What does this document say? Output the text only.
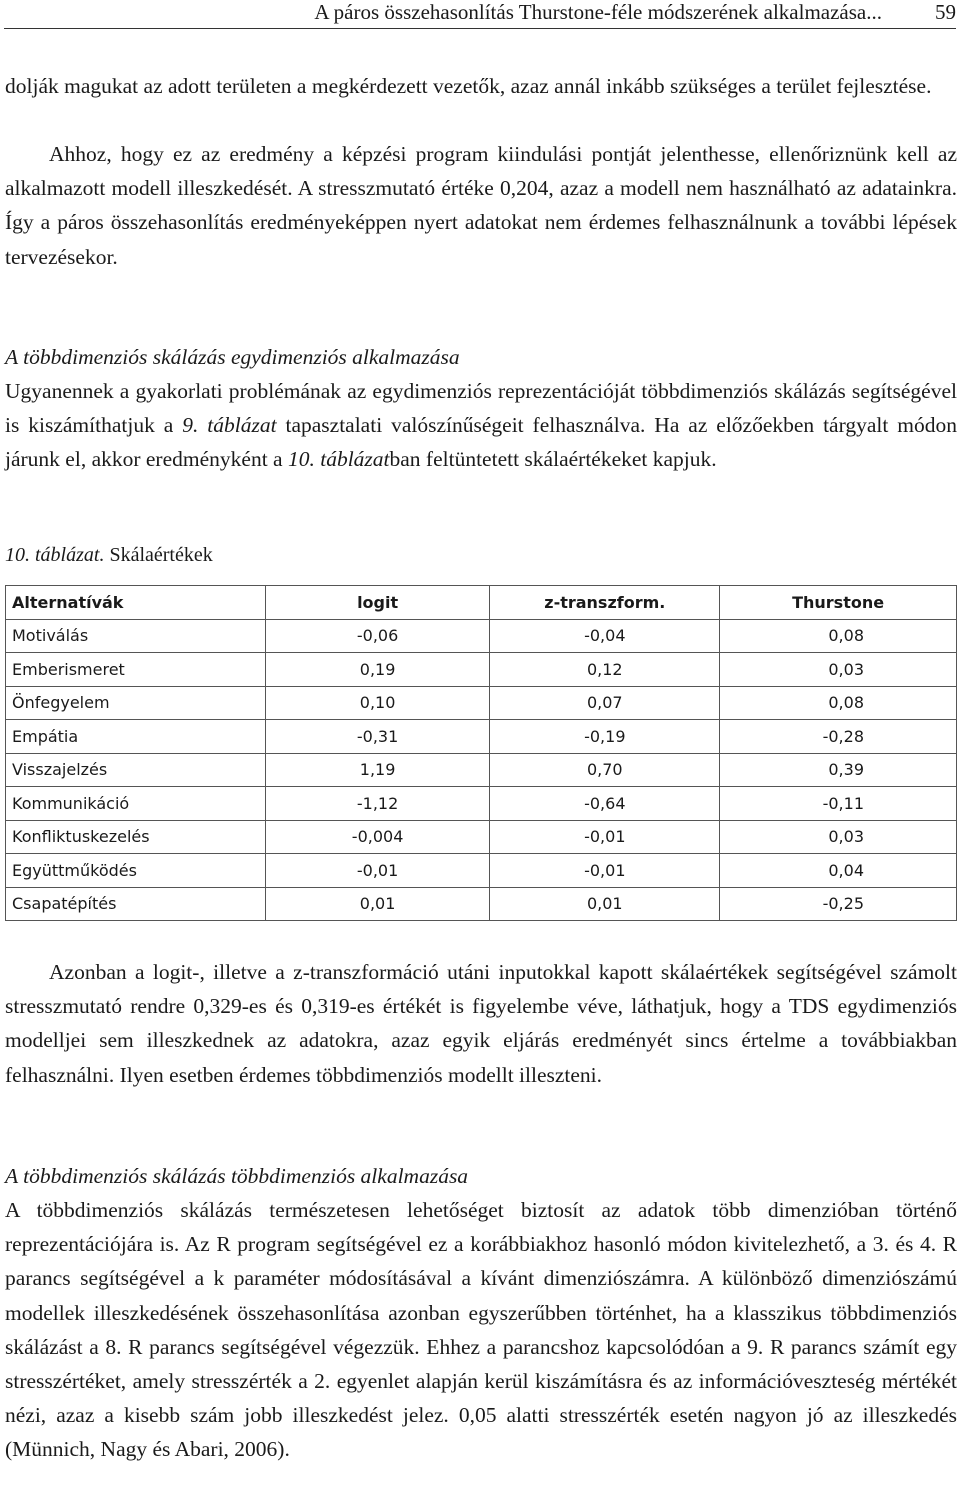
A páros összehasonlítás Thurstone-féle módszerének alkalmazása...	59

dolják magukat az adott területen a megkérdezett vezetők, azaz annál inkább szükséges a terület fejlesztése.

Ahhoz, hogy ez az eredmény a képzési program kiindulási pontját jelenthesse, ellenőriznünk kell az alkalmazott modell illeszkedését. A stresszmutató értéke 0,204, azaz a modell nem használható az adatainkra. Így a páros összehasonlítás eredményeképpen nyert adatokat nem érdemes felhasználnunk a további lépések tervezésekor.

A többdimenziós skálázás egydimenziós alkalmazása

Ugyanennek a gyakorlati problémának az egydimenziós reprezentációját többdimenziós skálázás segítségével is kiszámíthatjuk a 9. táblázat tapasztalati valószínűségeit felhasználva. Ha az előzőekben tárgyalt módon járunk el, akkor eredményként a 10. táblázatban feltüntetett skálaértékeket kapjuk.

10. táblázat. Skálaértékek

Alternatívák	logit	z-transzform.	Thurstone
Motiválás	-0,06	-0,04	0,08
Emberismeret	0,19	0,12	0,03
Önfegyelem	0,10	0,07	0,08
Empátia	-0,31	-0,19	-0,28
Visszajelzés	1,19	0,70	0,39
Kommunikáció	-1,12	-0,64	-0,11
Konfliktuskezelés	-0,004	-0,01	0,03
Együttműködés	-0,01	-0,01	0,04
Csapatépítés	0,01	0,01	-0,25

Azonban a logit-, illetve a z-transzformáció utáni inputokkal kapott skálaértékek segítségével számolt stresszmutató rendre 0,329-es és 0,319-es értékét is figyelembe véve, láthatjuk, hogy a TDS egydimenziós modelljei sem illeszkednek az adatokra, azaz egyik eljárás eredményét sincs értelme a továbbiakban felhasználni. Ilyen esetben érdemes többdimenziós modellt illeszteni.

A többdimenziós skálázás többdimenziós alkalmazása

A többdimenziós skálázás természetesen lehetőséget biztosít az adatok több dimenzióban történő reprezentációjára is. Az R program segítségével ez a korábbiakhoz hasonló módon kivitelezhető, a 3. és 4. R parancs segítségével a k paraméter módosításával a kívánt dimenziószámra. A különböző dimenziószámú modellek illeszkedésének összehasonlítása azonban egyszerűbben történhet, ha a klasszikus többdimenziós skálázást a 8. R parancs segítségével végezzük. Ehhez a parancshoz kapcsolódóan a 9. R parancs számít egy stresszértéket, amely stresszérték a 2. egyenlet alapján kerül kiszámításra és az információveszteség mértékét nézi, azaz a kisebb szám jobb illeszkedést jelez. 0,05 alatti stresszérték esetén nagyon jó az illeszkedés (Münnich, Nagy és Abari, 2006).
